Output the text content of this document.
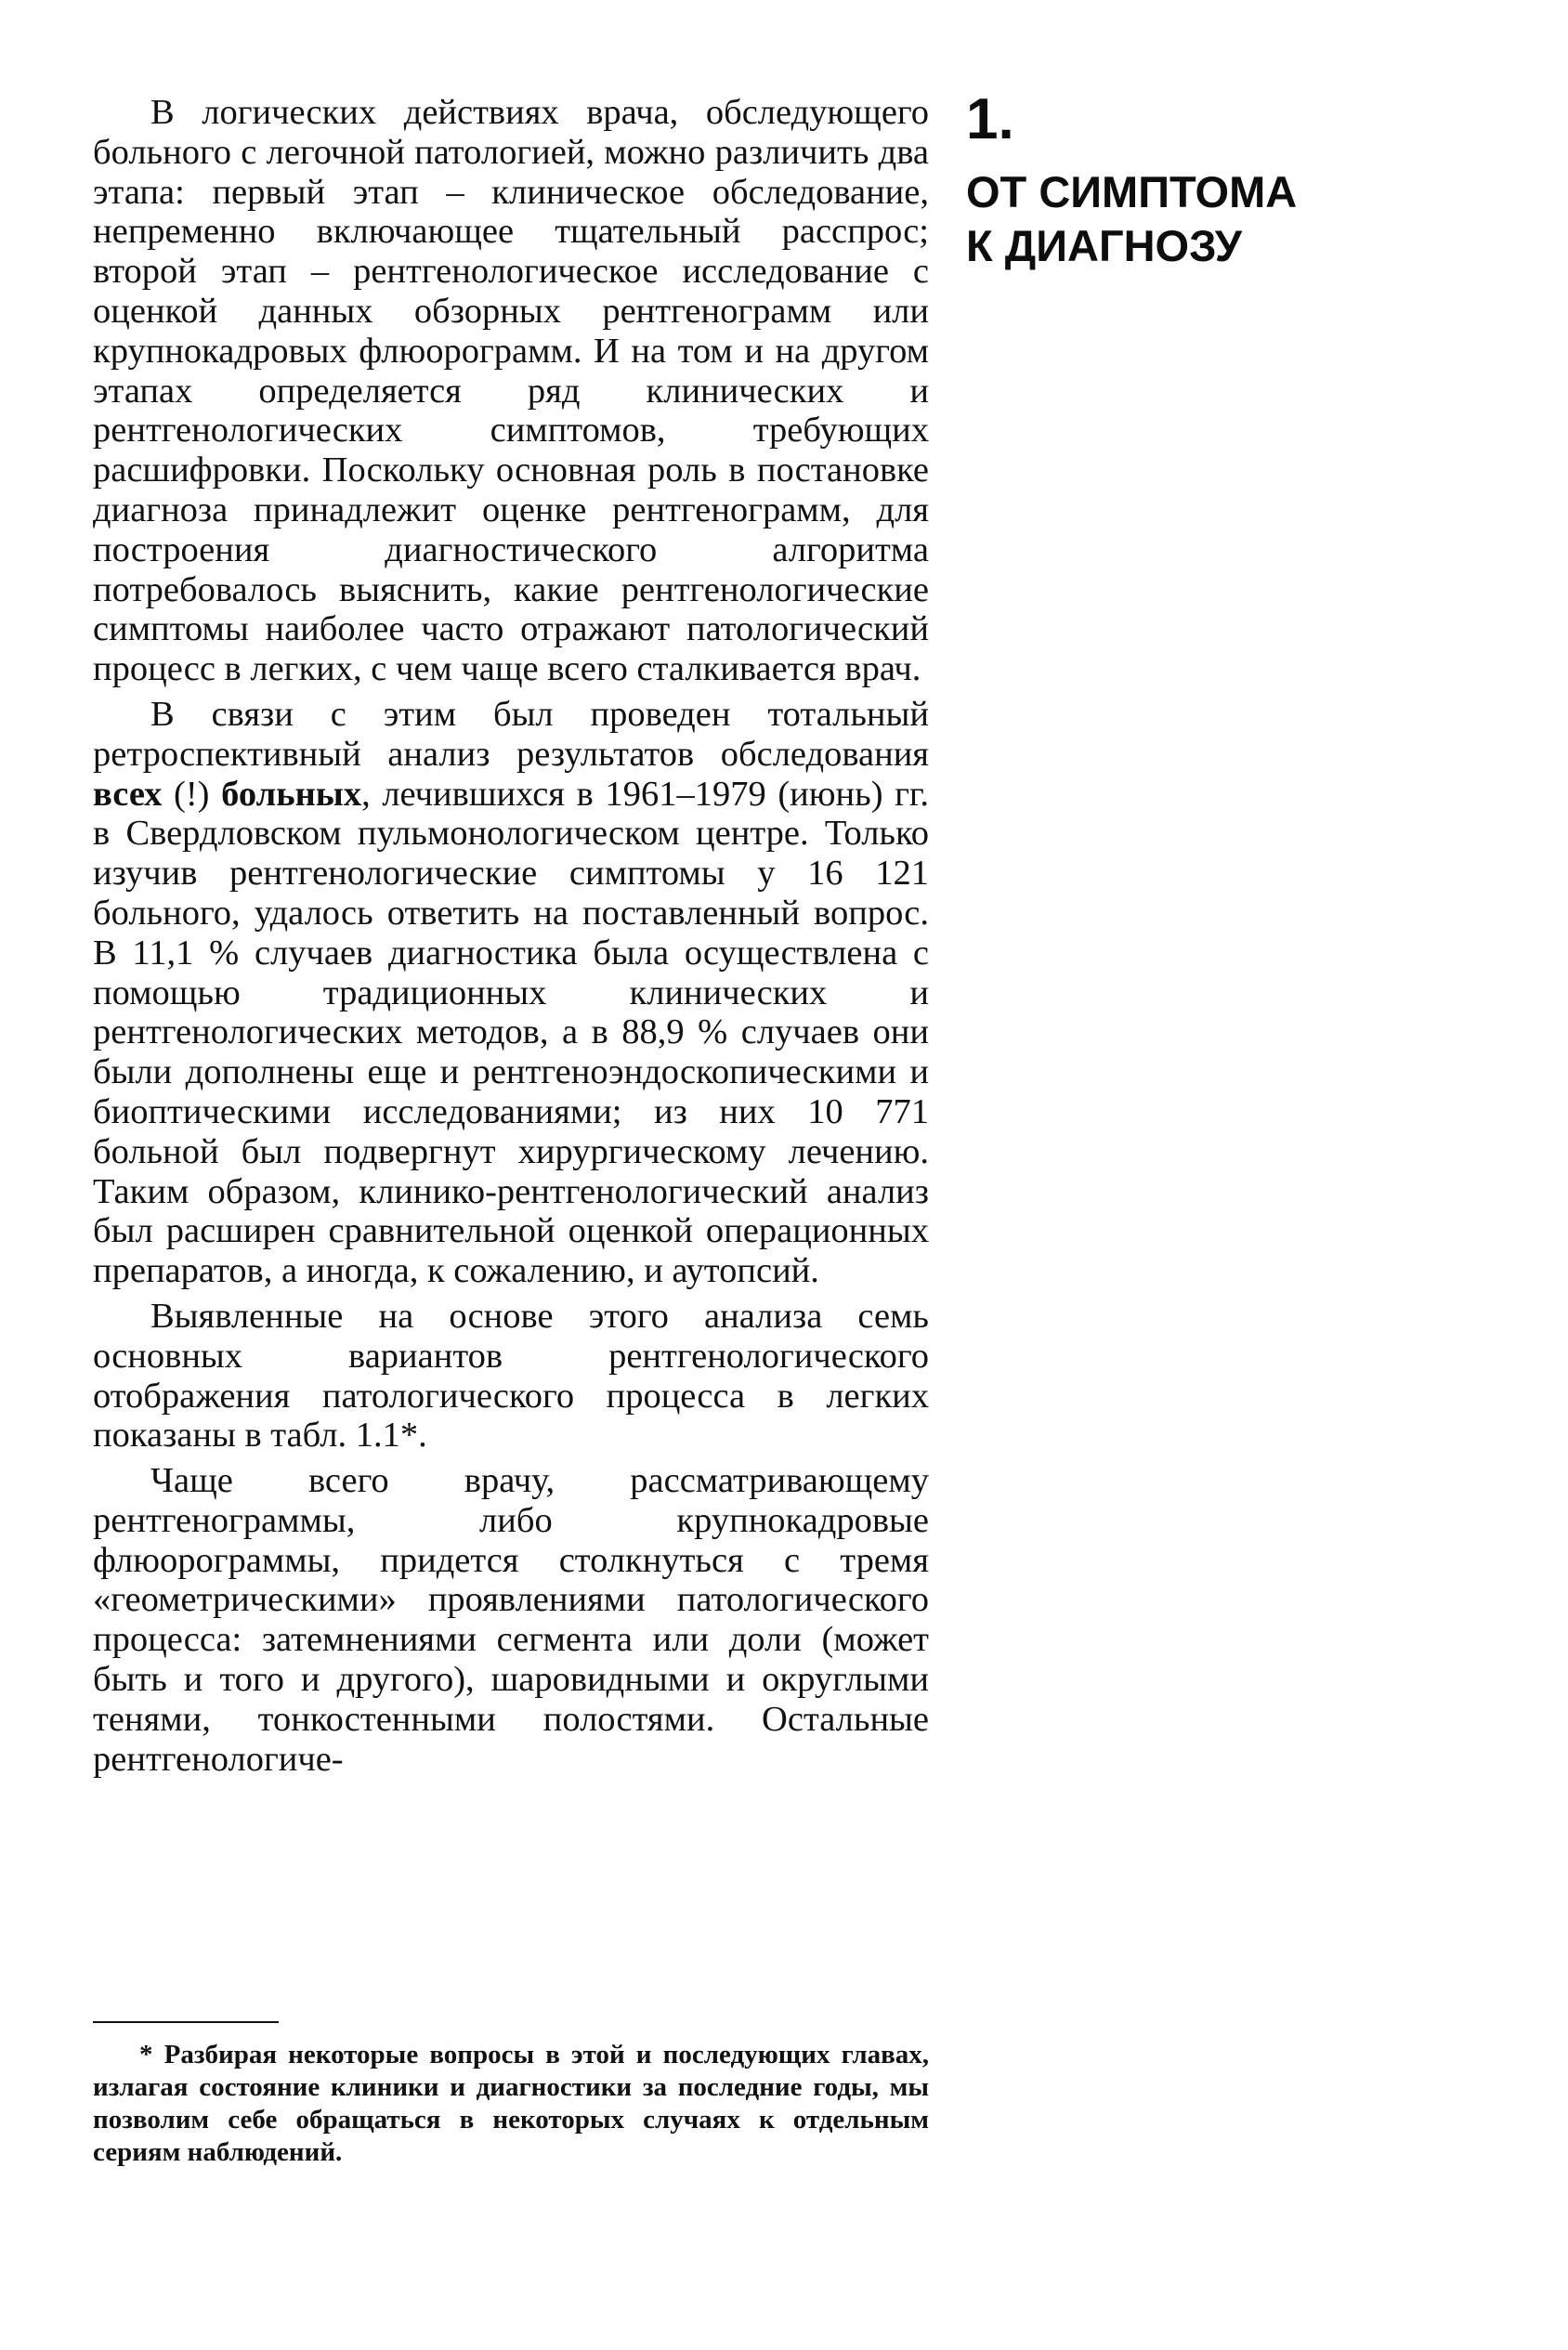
В логических действиях врача, обследующего больного с легочной патологией, можно различить два этапа: первый этап – клиническое обследование, непременно включающее тщательный расспрос; второй этап – рентгенологическое исследование с оценкой данных обзорных рентгенограмм или крупнокадровых флюорограмм. И на том и на другом этапах определяется ряд клинических и рентгенологических симптомов, требующих расшифровки. Поскольку основная роль в постановке диагноза принадлежит оценке рентгенограмм, для построения диагностического алгоритма потребовалось выяснить, какие рентгенологические симптомы наиболее часто отражают патологический процесс в легких, с чем чаще всего сталкивается врач.

В связи с этим был проведен тотальный ретроспективный анализ результатов обследования всех (!) больных, лечившихся в 1961–1979 (июнь) гг. в Свердловском пульмонологическом центре. Только изучив рентгенологические симптомы у 16 121 больного, удалось ответить на поставленный вопрос. В 11,1 % случаев диагностика была осуществлена с помощью традиционных клинических и рентгенологических методов, а в 88,9 % случаев они были дополнены еще и рентгеноэндоскопическими и биоптическими исследованиями; из них 10 771 больной был подвергнут хирургическому лечению. Таким образом, клинико-рентгенологический анализ был расширен сравнительной оценкой операционных препаратов, а иногда, к сожалению, и аутопсий.

Выявленные на основе этого анализа семь основных вариантов рентгенологического отображения патологического процесса в легких показаны в табл. 1.1*.

Чаще всего врачу, рассматривающему рентгенограммы, либо крупнокадровые флюорограммы, придется столкнуться с тремя «геометрическими» проявлениями патологического процесса: затемнениями сегмента или доли (может быть и того и другого), шаровидными и округлыми тенями, тонкостенными полостями. Остальные рентгенологиче-

1.
ОТ СИМПТОМА
К ДИАГНОЗУ

* Разбирая некоторые вопросы в этой и последующих главах, излагая состояние клиники и диагностики за последние годы, мы позволим себе обращаться в некоторых случаях к отдельным сериям наблюдений.
